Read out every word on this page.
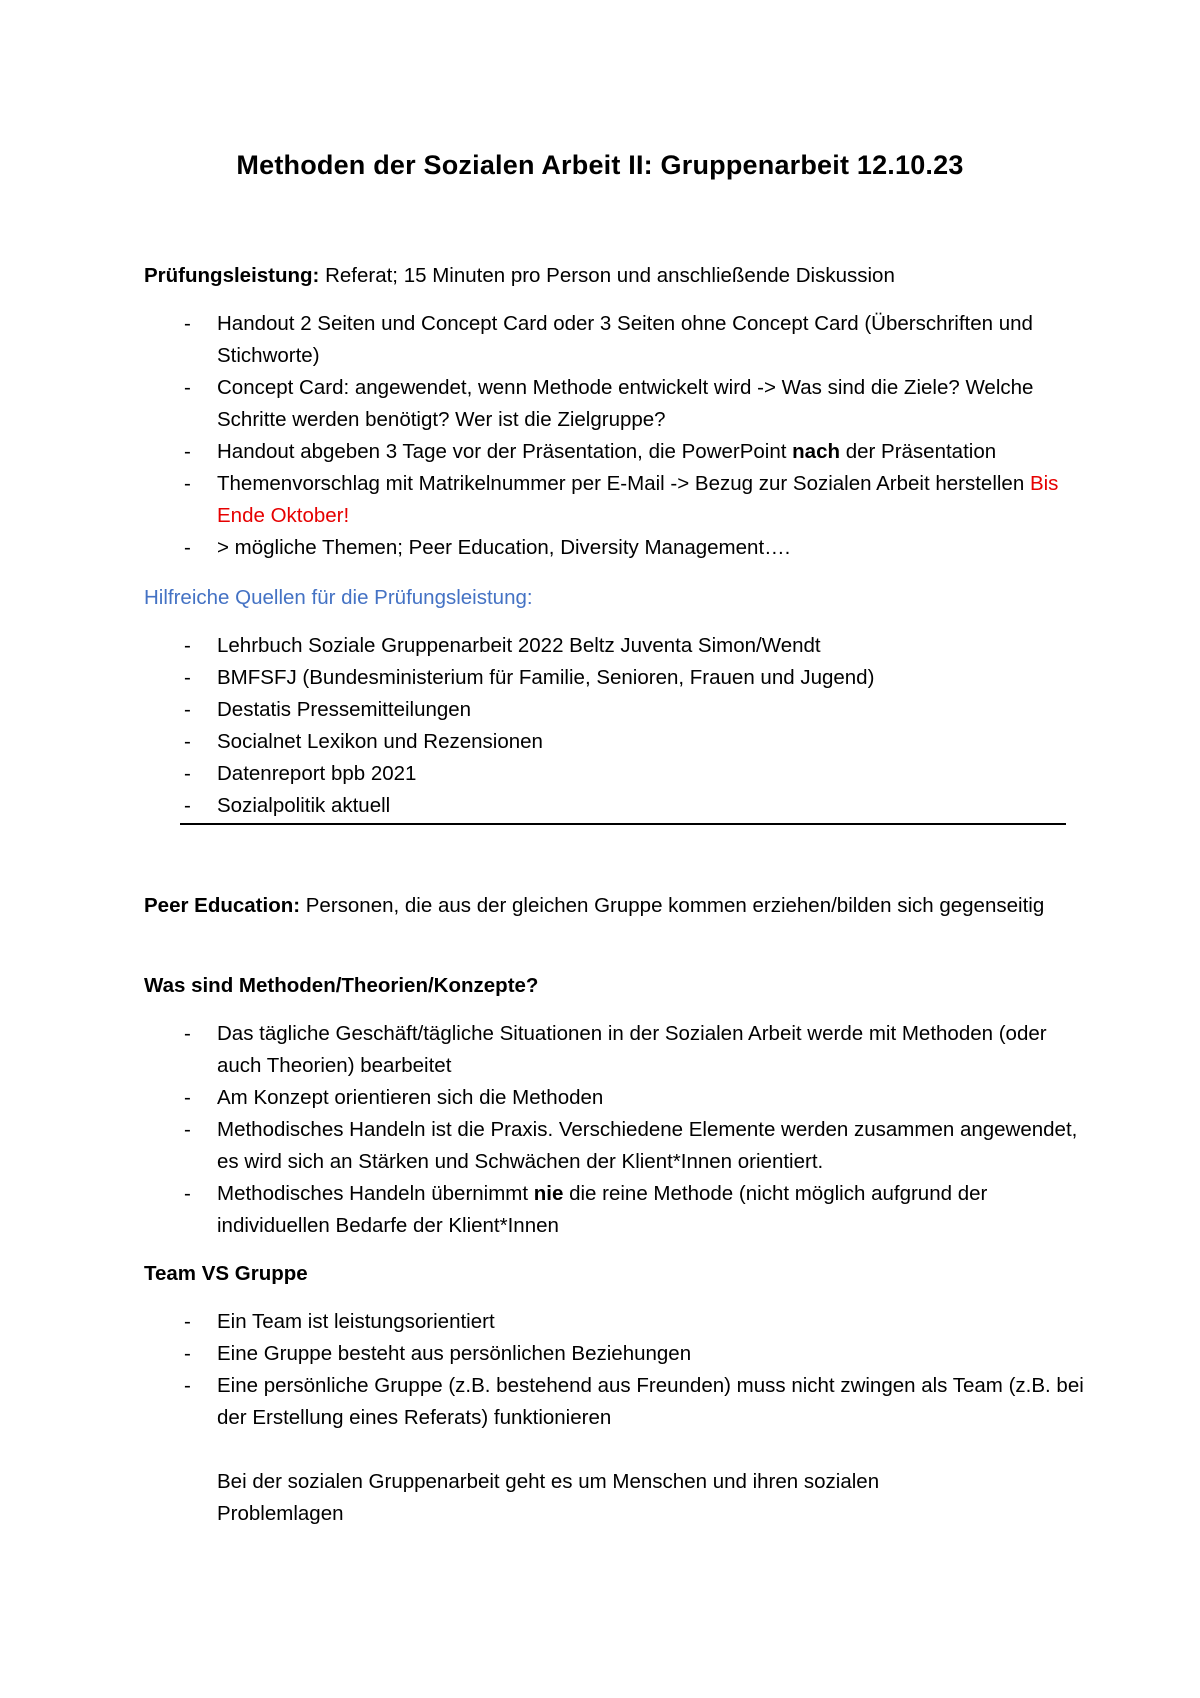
Methoden der Sozialen Arbeit II: Gruppenarbeit 12.10.23
Prüfungsleistung: Referat; 15 Minuten pro Person und anschließende Diskussion
- Handout 2 Seiten und Concept Card oder 3 Seiten ohne Concept Card (Überschriften und Stichworte)
- Concept Card: angewendet, wenn Methode entwickelt wird -> Was sind die Ziele? Welche Schritte werden benötigt? Wer ist die Zielgruppe?
- Handout abgeben 3 Tage vor der Präsentation, die PowerPoint nach der Präsentation
- Themenvorschlag mit Matrikelnummer per E-Mail -> Bezug zur Sozialen Arbeit herstellen Bis Ende Oktober!
- > mögliche Themen; Peer Education, Diversity Management….
Hilfreiche Quellen für die Prüfungsleistung:
- Lehrbuch Soziale Gruppenarbeit 2022 Beltz Juventa Simon/Wendt
- BMFSFJ (Bundesministerium für Familie, Senioren, Frauen und Jugend)
- Destatis Pressemitteilungen
- Socialnet Lexikon und Rezensionen
- Datenreport bpb 2021
- Sozialpolitik aktuell
Peer Education: Personen, die aus der gleichen Gruppe kommen erziehen/bilden sich gegenseitig
Was sind Methoden/Theorien/Konzepte?
- Das tägliche Geschäft/tägliche Situationen in der Sozialen Arbeit werde mit Methoden (oder auch Theorien) bearbeitet
- Am Konzept orientieren sich die Methoden
- Methodisches Handeln ist die Praxis. Verschiedene Elemente werden zusammen angewendet, es wird sich an Stärken und Schwächen der Klient*Innen orientiert.
- Methodisches Handeln übernimmt nie die reine Methode (nicht möglich aufgrund der individuellen Bedarfe der Klient*Innen
Team VS Gruppe
- Ein Team ist leistungsorientiert
- Eine Gruppe besteht aus persönlichen Beziehungen
- Eine persönliche Gruppe (z.B. bestehend aus Freunden) muss nicht zwingen als Team (z.B. bei der Erstellung eines Referats) funktionieren
Bei der sozialen Gruppenarbeit geht es um Menschen und ihren sozialen Problemlagen
